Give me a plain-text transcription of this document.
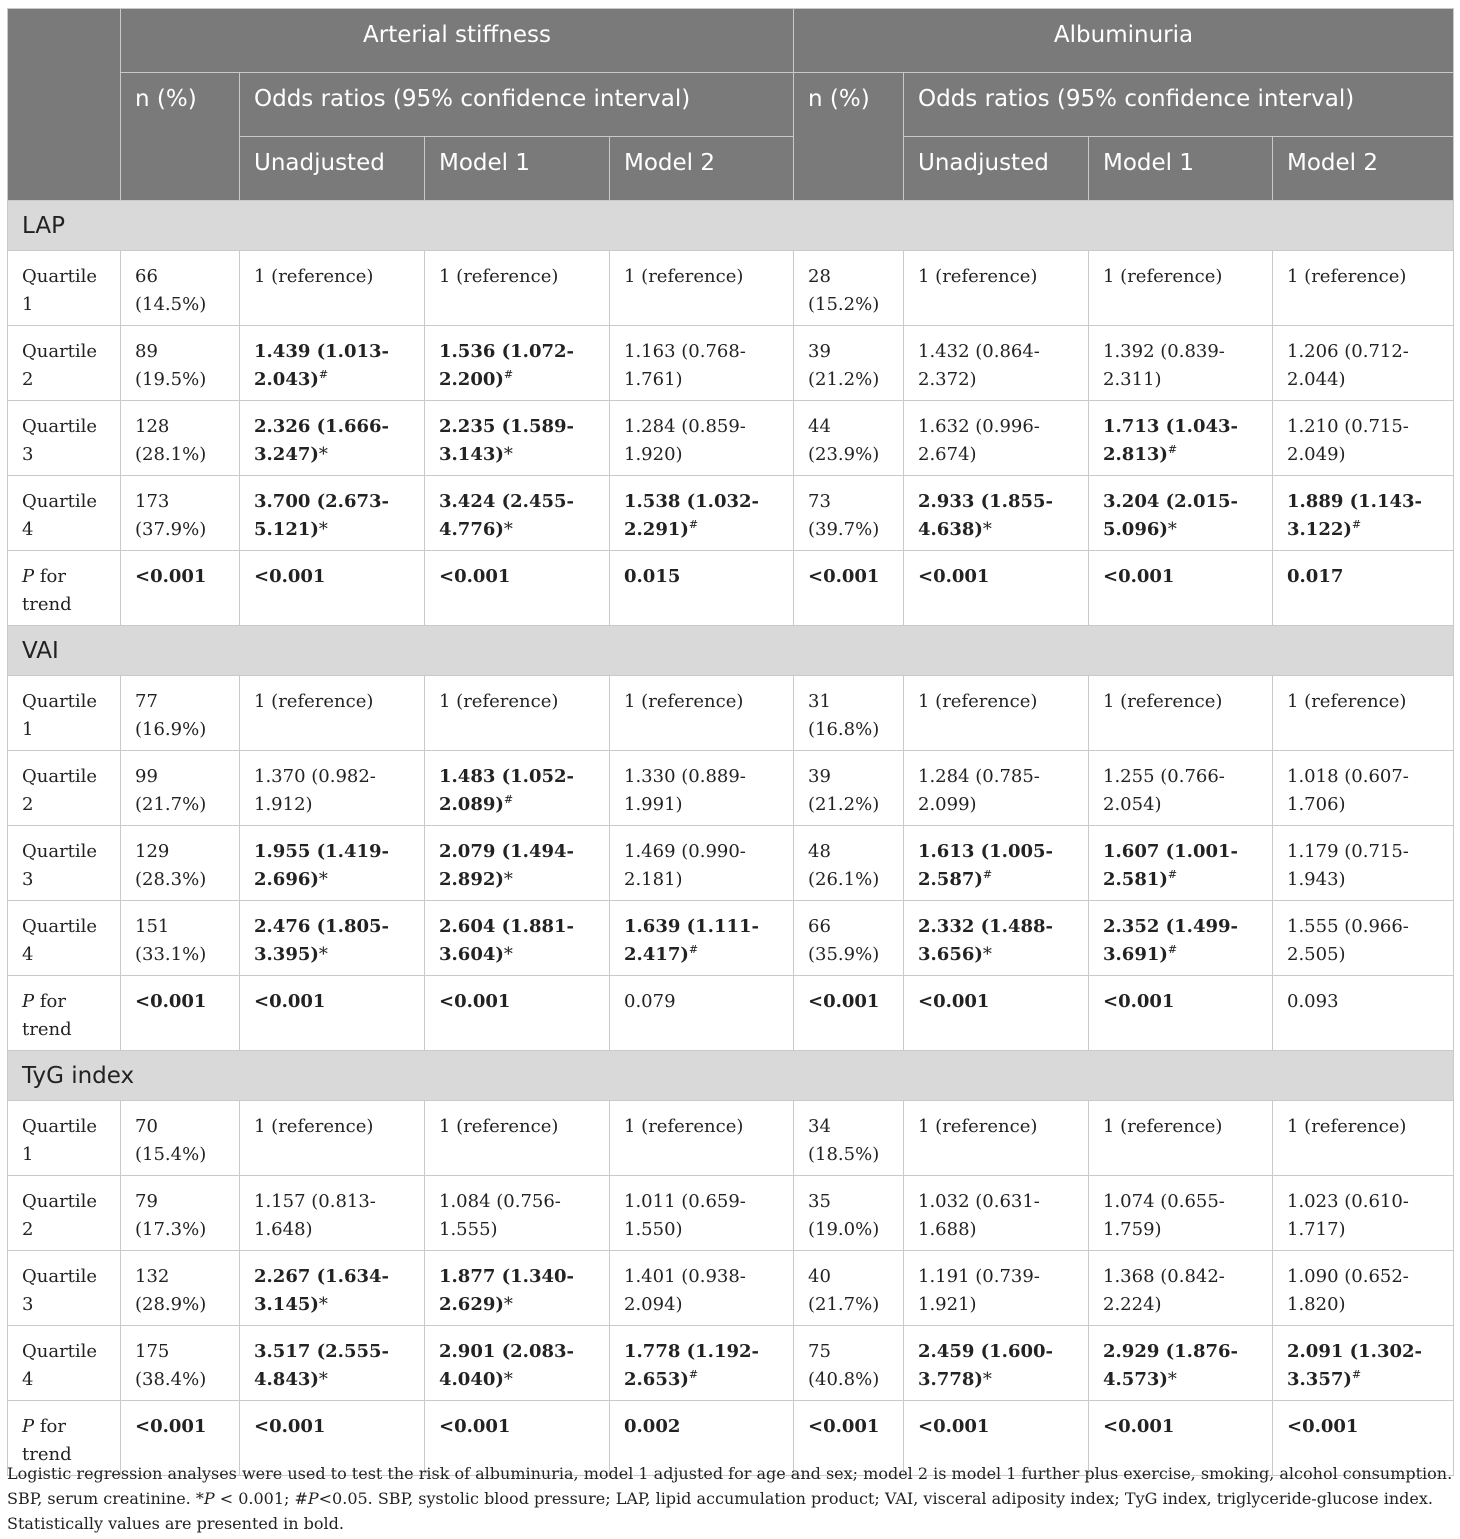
	Arterial stiffness				Albuminuria			
	n (%)	Odds ratios (95% confidence interval)			n (%)	Odds ratios (95% confidence interval)		
		Unadjusted	Model 1	Model 2		Unadjusted	Model 1	Model 2
LAP								
Quartile 1	66 (14.5%)	1 (reference)	1 (reference)	1 (reference)	28 (15.2%)	1 (reference)	1 (reference)	1 (reference)
Quartile 2	89 (19.5%)	1.439 (1.013-2.043)#	1.536 (1.072-2.200)#	1.163 (0.768-1.761)	39 (21.2%)	1.432 (0.864-2.372)	1.392 (0.839-2.311)	1.206 (0.712-2.044)
Quartile 3	128 (28.1%)	2.326 (1.666-3.247)*	2.235 (1.589-3.143)*	1.284 (0.859-1.920)	44 (23.9%)	1.632 (0.996-2.674)	1.713 (1.043-2.813)#	1.210 (0.715-2.049)
Quartile 4	173 (37.9%)	3.700 (2.673-5.121)*	3.424 (2.455-4.776)*	1.538 (1.032-2.291)#	73 (39.7%)	2.933 (1.855-4.638)*	3.204 (2.015-5.096)*	1.889 (1.143-3.122)#
P for trend	<0.001	<0.001	<0.001	0.015	<0.001	<0.001	<0.001	0.017
VAI								
Quartile 1	77 (16.9%)	1 (reference)	1 (reference)	1 (reference)	31 (16.8%)	1 (reference)	1 (reference)	1 (reference)
Quartile 2	99 (21.7%)	1.370 (0.982-1.912)	1.483 (1.052-2.089)#	1.330 (0.889-1.991)	39 (21.2%)	1.284 (0.785-2.099)	1.255 (0.766-2.054)	1.018 (0.607-1.706)
Quartile 3	129 (28.3%)	1.955 (1.419-2.696)*	2.079 (1.494-2.892)*	1.469 (0.990-2.181)	48 (26.1%)	1.613 (1.005-2.587)#	1.607 (1.001-2.581)#	1.179 (0.715-1.943)
Quartile 4	151 (33.1%)	2.476 (1.805-3.395)*	2.604 (1.881-3.604)*	1.639 (1.111-2.417)#	66 (35.9%)	2.332 (1.488-3.656)*	2.352 (1.499-3.691)#	1.555 (0.966-2.505)
P for trend	<0.001	<0.001	<0.001	0.079	<0.001	<0.001	<0.001	0.093
TyG index								
Quartile 1	70 (15.4%)	1 (reference)	1 (reference)	1 (reference)	34 (18.5%)	1 (reference)	1 (reference)	1 (reference)
Quartile 2	79 (17.3%)	1.157 (0.813-1.648)	1.084 (0.756-1.555)	1.011 (0.659-1.550)	35 (19.0%)	1.032 (0.631-1.688)	1.074 (0.655-1.759)	1.023 (0.610-1.717)
Quartile 3	132 (28.9%)	2.267 (1.634-3.145)*	1.877 (1.340-2.629)*	1.401 (0.938-2.094)	40 (21.7%)	1.191 (0.739-1.921)	1.368 (0.842-2.224)	1.090 (0.652-1.820)
Quartile 4	175 (38.4%)	3.517 (2.555-4.843)*	2.901 (2.083-4.040)*	1.778 (1.192-2.653)#	75 (40.8%)	2.459 (1.600-3.778)*	2.929 (1.876-4.573)*	2.091 (1.302-3.357)#
P for trend	<0.001	<0.001	<0.001	0.002	<0.001	<0.001	<0.001	<0.001

Logistic regression analyses were used to test the risk of albuminuria, model 1 adjusted for age and sex; model 2 is model 1 further plus exercise, smoking, alcohol consumption. SBP, serum creatinine. *P < 0.001; #P<0.05. SBP, systolic blood pressure; LAP, lipid accumulation product; VAI, visceral adiposity index; TyG index, triglyceride-glucose index.

Statistically values are presented in bold.
